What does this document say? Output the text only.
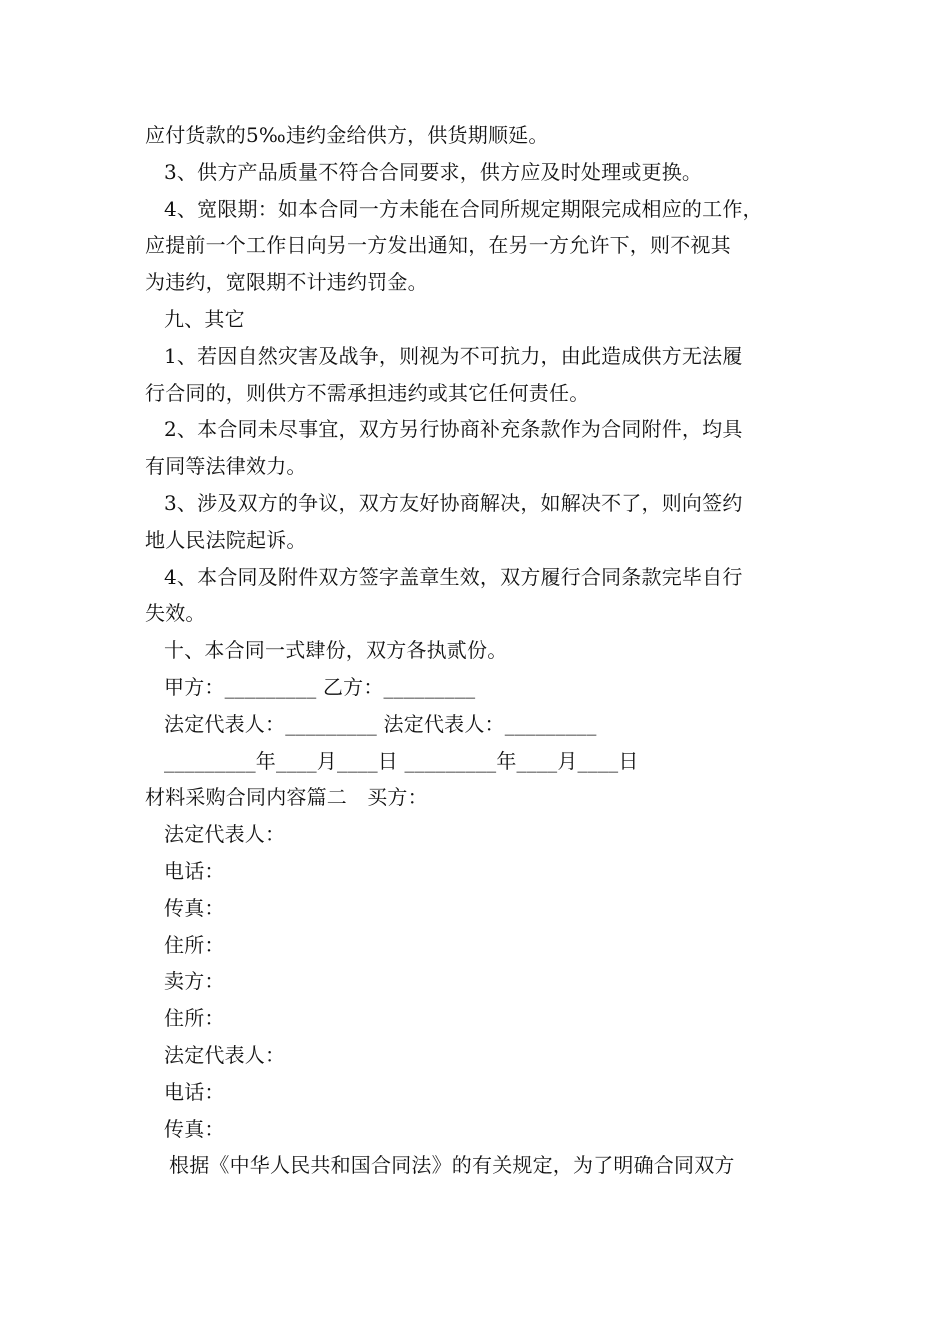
应付货款的5‰违约金给供方，供货期顺延。
3、供方产品质量不符合合同要求，供方应及时处理或更换。
4、宽限期：如本合同一方未能在合同所规定期限完成相应的工作，
应提前一个工作日向另一方发出通知，在另一方允许下，则不视其
为违约，宽限期不计违约罚金。
九、其它
1、若因自然灾害及战争，则视为不可抗力，由此造成供方无法履
行合同的，则供方不需承担违约或其它任何责任。
2、本合同未尽事宜，双方另行协商补充条款作为合同附件，均具
有同等法律效力。
3、涉及双方的争议，双方友好协商解决，如解决不了，则向签约
地人民法院起诉。
4、本合同及附件双方签字盖章生效，双方履行合同条款完毕自行
失效。
十、本合同一式肆份，双方各执贰份。
甲方：_________ 乙方：_________
法定代表人：_________ 法定代表人：_________
_________年____月____日 _________年____月____日
材料采购合同内容篇二　买方：
法定代表人：
电话：
传真：
住所：
卖方：
住所：
法定代表人：
电话：
传真：
根据《中华人民共和国合同法》的有关规定，为了明确合同双方
